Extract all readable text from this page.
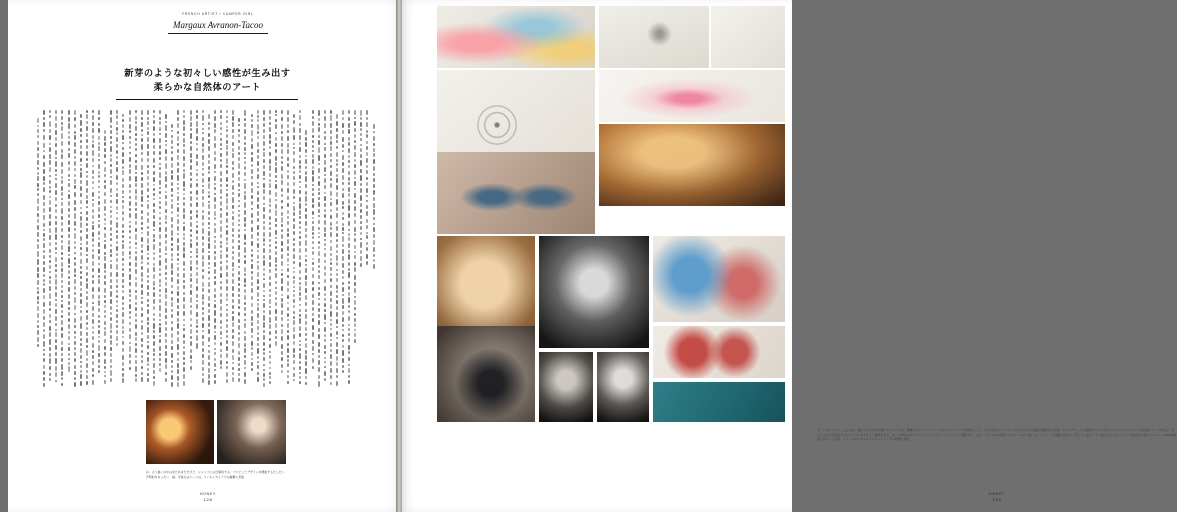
FRENCH ARTIST / CAMPER GIRL
Margaux Avranon-Tacoo
新芽のような初々しい感性が生み出す
柔らかな自然体のアート
右：そう描くの中はまだあまただけど、ショップには仕事的する。プロとしてデザインを開始するたしだい声明的をあったい、描。可真左はシーンは、フィルムカメラでの編纂も多数
HONEY
128
下：このところにこんなのは、描かり当人のが多数すとシャツでは、素敵なチャンでハブアートやペインティングを重ねること。その日あるパローイングテとその日の温度や環境との出現。スピングアートの素材をライトの光らいメモデクリエイター作品並びアート作品と、本人との人かけ作品たフロジェクトのサイトへ連携される。多くの作品は布テキスタイルとしてアートワークへと展開する。 右上：カラフルな色使いのアトリエの一角。左：ブラシ・工具類も作品の一部として並ぶ。下：刷り上がったプリント作品を手に取るマルゴー。KIDSは壁面でのアート作品、シアトルのテキスタイルアートワークの展開も多数。
HONEY
124
